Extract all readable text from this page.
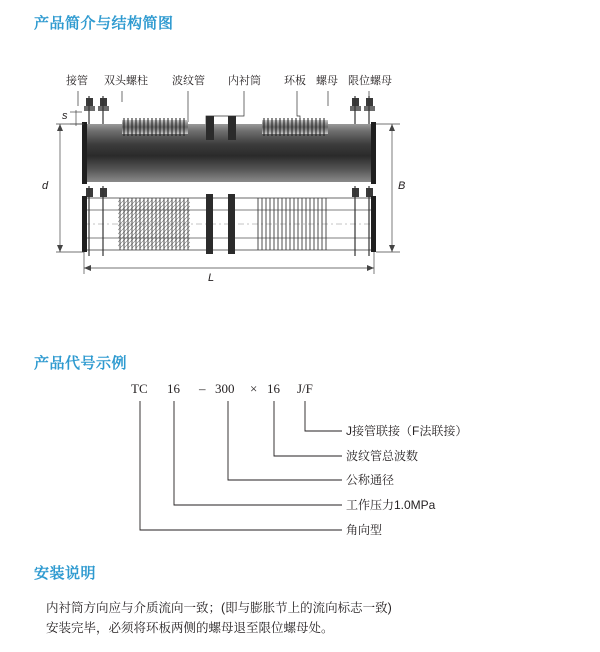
产品简介与结构简图
产品代号示例
安装说明
接管 双头螺柱 波纹管 内衬筒 环板 螺母 限位螺母
s
d	B
L
TC 16 – 300 × 16 J/F
J接管联接（F法联接）
波纹管总波数
公称通径
工作压力1.0MPa
角向型
内衬筒方向应与介质流向一致；(即与膨胀节上的流向标志一致)
安装完毕，必须将环板两侧的螺母退至限位螺母处。
